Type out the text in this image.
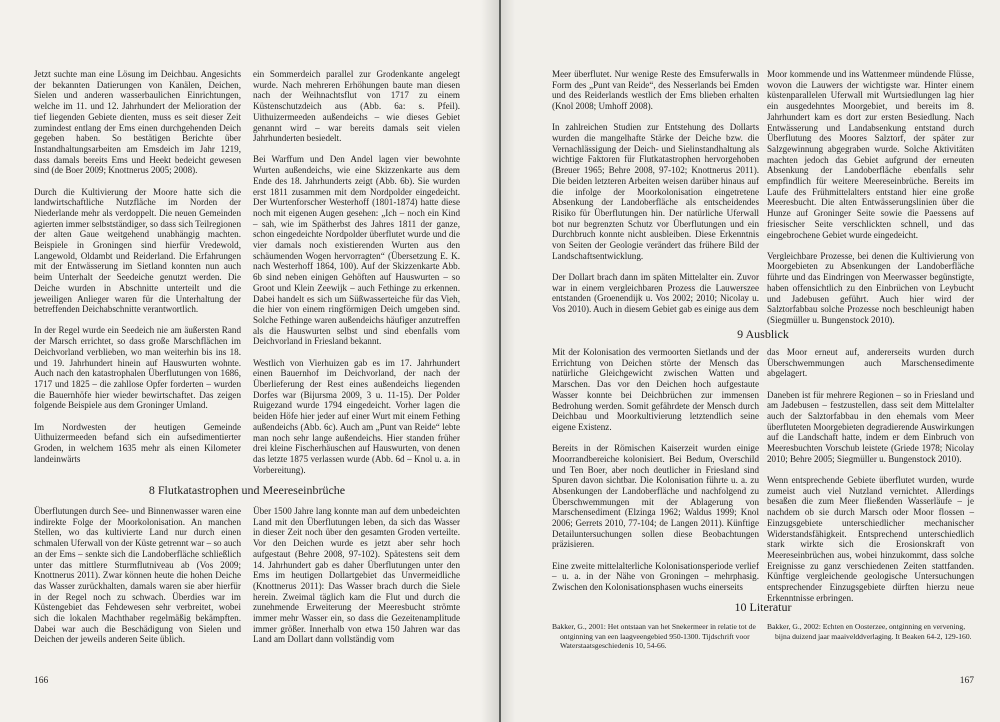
Jetzt suchte man eine Lösung im Deichbau. Angesichts der bekannten Datierungen von Kanälen, Deichen, Sielen und anderen wasserbaulichen Einrichtungen, welche im 11. und 12. Jahrhundert der Melioration der tief liegenden Gebiete dienten, muss es seit dieser Zeit zumindest entlang der Ems einen durchgehenden Deich gegeben haben. So bestätigen Berichte über Instandhaltungsarbeiten am Emsdeich im Jahr 1219, dass damals bereits Ems und Heekt bedeicht gewesen sind (de Boer 2009; Knottnerus 2005; 2008).

Durch die Kultivierung der Moore hatte sich die landwirtschaftliche Nutzfläche im Norden der Niederlande mehr als verdoppelt. Die neuen Gemeinden agierten immer selbstständiger, so dass sich Teilregionen der alten Gaue weitgehend unabhängig machten. Beispiele in Groningen sind hierfür Vredewold, Langewold, Oldambt und Reiderland. Die Erfahrungen mit der Entwässerung im Sietland konnten nun auch beim Unterhalt der Seedeiche genutzt werden. Die Deiche wurden in Abschnitte unterteilt und die jeweiligen Anlieger waren für die Unterhaltung der betreffenden Deichabschnitte verantwortlich.

In der Regel wurde ein Seedeich nie am äußersten Rand der Marsch errichtet, so dass große Marschflächen im Deichvorland verblieben, wo man weiterhin bis ins 18. und 19. Jahrhundert hinein auf Hauswurten wohnte. Auch nach den katastrophalen Überflutungen von 1686, 1717 und 1825 – die zahllose Opfer forderten – wurden die Bauernhöfe hier wieder bewirtschaftet. Das zeigen folgende Beispiele aus dem Groninger Umland.

Im Nordwesten der heutigen Gemeinde Uithuizermeeden befand sich ein aufsedimentierter Groden, in welchem 1635 mehr als einen Kilometer landeinwärts

ein Sommerdeich parallel zur Grodenkante angelegt wurde. Nach mehreren Erhöhungen baute man diesen nach der Weihnachtsflut von 1717 zu einem Küstenschutzdeich aus (Abb. 6a: s. Pfeil). Uithuizermeeden außendeichs – wie dieses Gebiet genannt wird – war bereits damals seit vielen Jahrhunderten besiedelt.

Bei Warffum und Den Andel lagen vier bewohnte Wurten außendeichs, wie eine Skizzenkarte aus dem Ende des 18. Jahrhunderts zeigt (Abb. 6b). Sie wurden erst 1811 zusammen mit dem Nordpolder eingedeicht. Der Wurtenforscher Westerhoff (1801-1874) hatte diese noch mit eigenen Augen gesehen: „Ich – noch ein Kind – sah, wie im Spätherbst des Jahres 1811 der ganze, schon eingedeichte Nordpolder überflutet wurde und die vier damals noch existierenden Wurten aus den schäumenden Wogen hervorragten“ (Übersetzung E. K. nach Westerhoff 1864, 100). Auf der Skizzenkarte Abb. 6b sind neben einigen Gehöften auf Hauswurten – so Groot und Klein Zeewijk – auch Fethinge zu erkennen. Dabei handelt es sich um Süßwasserteiche für das Vieh, die hier von einem ringförmigen Deich umgeben sind. Solche Fethinge waren außendeichs häufiger anzutreffen als die Hauswurten selbst und sind ebenfalls vom Deichvorland in Friesland bekannt.

Westlich von Vierhuizen gab es im 17. Jahrhundert einen Bauernhof im Deichvorland, der nach der Überlieferung der Rest eines außendeichs liegenden Dorfes war (Bijursma 2009, 3 u. 11-15). Der Polder Ruigezand wurde 1794 eingedeicht. Vorher lagen die beiden Höfe hier jeder auf einer Wurt mit einem Fething außendeichs (Abb. 6c). Auch am „Punt van Reide“ lebte man noch sehr lange außendeichs. Hier standen früher drei kleine Fischerhäuschen auf Hauswurten, von denen das letzte 1875 verlassen wurde (Abb. 6d – Knol u. a. in Vorbereitung).

8 Flutkatastrophen und Meereseinbrüche

Überflutungen durch See- und Binnenwasser waren eine indirekte Folge der Moorkolonisation. An manchen Stellen, wo das kultivierte Land nur durch einen schmalen Uferwall von der Küste getrennt war – so auch an der Ems – senkte sich die Landoberfläche schließlich unter das mittlere Sturmflutniveau ab (Vos 2009; Knottnerus 2011). Zwar können heute die hohen Deiche das Wasser zurückhalten, damals waren sie aber hierfür in der Regel noch zu schwach. Überdies war im Küstengebiet das Fehdewesen sehr verbreitet, wobei sich die lokalen Machthaber regelmäßig bekämpften. Dabei war auch die Beschädigung von Sielen und Deichen der jeweils anderen Seite üblich.

Über 1500 Jahre lang konnte man auf dem unbedeichten Land mit den Überflutungen leben, da sich das Wasser in dieser Zeit noch über den gesamten Groden verteilte. Vor den Deichen wurde es jetzt aber sehr hoch aufgestaut (Behre 2008, 97-102). Spätestens seit dem 14. Jahrhundert gab es daher Überflutungen unter den Ems im heutigen Dollartgebiet das Unvermeidliche (Knottnerus 2011): Das Wasser brach durch die Siele herein. Zweimal täglich kam die Flut und durch die zunehmende Erweiterung der Meeresbucht strömte immer mehr Wasser ein, so dass die Gezeitenamplitude immer größer. Innerhalb von etwa 150 Jahren war das Land am Dollart dann vollständig vom

166

Meer überflutet. Nur wenige Reste des Emsuferwalls in Form des „Punt van Reide“, des Nesserlands bei Emden und des Reiderlands westlich der Ems blieben erhalten (Knol 2008; Umhoff 2008).

In zahlreichen Studien zur Entstehung des Dollarts wurden die mangelhafte Stärke der Deiche bzw. die Vernachlässigung der Deich- und Sielinstandhaltung als wichtige Faktoren für Flutkatastrophen hervorgehoben (Breuer 1965; Behre 2008, 97-102; Knottnerus 2011). Die beiden letzteren Arbeiten weisen darüber hinaus auf die infolge der Moorkolonisation eingetretene Absenkung der Landoberfläche als entscheidendes Risiko für Überflutungen hin. Der natürliche Uferwall bot nur begrenzten Schutz vor Überflutungen und ein Durchbruch konnte nicht ausbleiben. Diese Erkenntnis von Seiten der Geologie verändert das frühere Bild der Landschaftsentwicklung.

Der Dollart brach dann im späten Mittelalter ein. Zuvor war in einem vergleichbaren Prozess die Lauwerszee entstanden (Groenendijk u. Vos 2002; 2010; Nicolay u. Vos 2010). Auch in diesem Gebiet gab es einige aus dem

Moor kommende und ins Wattenmeer mündende Flüsse, wovon die Lauwers der wichtigste war. Hinter einem küstenparallelen Uferwall mit Wurtsiedlungen lag hier ein ausgedehntes Moorgebiet, und bereits im 8. Jahrhundert kam es dort zur ersten Besiedlung. Nach Entwässerung und Landabsenkung entstand durch Überflutung des Moores Salztorf, der später zur Salzgewinnung abgegraben wurde. Solche Aktivitäten machten jedoch das Gebiet aufgrund der erneuten Absenkung der Landoberfläche ebenfalls sehr empfindlich für weitere Meereseinbrüche. Bereits im Laufe des Frühmittelalters entstand hier eine große Meeresbucht. Die alten Entwässerungslinien über die Hunze auf Groninger Seite sowie die Paessens auf friesischer Seite verschlickten schnell, und das eingebrochene Gebiet wurde eingedeicht.

Vergleichbare Prozesse, bei denen die Kultivierung von Moorgebieten zu Absenkungen der Landoberfläche führte und das Eindringen von Meerwasser begünstigte, haben offensichtlich zu den Einbrüchen von Leybucht und Jadebusen geführt. Auch hier wird der Salztorfabbau solche Prozesse noch beschleunigt haben (Siegmüller u. Bungenstock 2010).

9 Ausblick

Mit der Kolonisation des vermoorten Sietlands und der Errichtung von Deichen störte der Mensch das natürliche Gleichgewicht zwischen Watten und Marschen. Das vor den Deichen hoch aufgestaute Wasser konnte bei Deichbrüchen zur immensen Bedrohung werden. Somit gefährdete der Mensch durch Deichbau und Moorkultivierung letztendlich seine eigene Existenz.

Bereits in der Römischen Kaiserzeit wurden einige Moorrandbereiche kolonisiert. Bei Bedum, Overschild und Ten Boer, aber noch deutlicher in Friesland sind Spuren davon sichtbar. Die Kolonisation führte u. a. zu Absenkungen der Landoberfläche und nachfolgend zu Überschwemmungen mit der Ablagerung von Marschensediment (Elzinga 1962; Waldus 1999; Knol 2006; Gerrets 2010, 77-104; de Langen 2011). Künftige Detailuntersuchungen sollen diese Beobachtungen präzisieren.

Eine zweite mittelalterliche Kolonisationsperiode verlief – u. a. in der Nähe von Groningen – mehrphasig. Zwischen den Kolonisationsphasen wuchs einerseits

das Moor erneut auf, andererseits wurden durch Überschwemmungen auch Marschensedimente abgelagert.

Daneben ist für mehrere Regionen – so in Friesland und am Jadebusen – festzustellen, dass seit dem Mittelalter auch der Salztorfabbau in den ehemals vom Meer überfluteten Moorgebieten degradierende Auswirkungen auf die Landschaft hatte, indem er dem Einbruch von Meeresbuchten Vorschub leistete (Griede 1978; Nicolay 2010; Behre 2005; Siegmüller u. Bungenstock 2010).

Wenn entsprechende Gebiete überflutet wurden, wurde zumeist auch viel Nutzland vernichtet. Allerdings besaßen die zum Meer fließenden Wasserläufe – je nachdem ob sie durch Marsch oder Moor flossen – Einzugsgebiete unterschiedlicher mechanischer Widerstandsfähigkeit. Entsprechend unterschiedlich stark wirkte sich die Erosionskraft von Meereseinbrüchen aus, wobei hinzukommt, dass solche Ereignisse zu ganz verschiedenen Zeiten stattfanden. Künftige vergleichende geologische Untersuchungen entsprechender Einzugsgebiete dürften hierzu neue Erkenntnisse erbringen.

10 Literatur

Bakker, G., 2001: Het ontstaan van het Snekermeer in relatie tot de ontginning van een laagveengebied 950-1300. Tijdschrift voor Waterstaatsgeschiedenis 10, 54-66.

Bakker, G., 2002: Echten en Oosterzee, ontginning en vervening, bijna duizend jaar maaivelddverlaging. It Beaken 64-2, 129-160.

167
